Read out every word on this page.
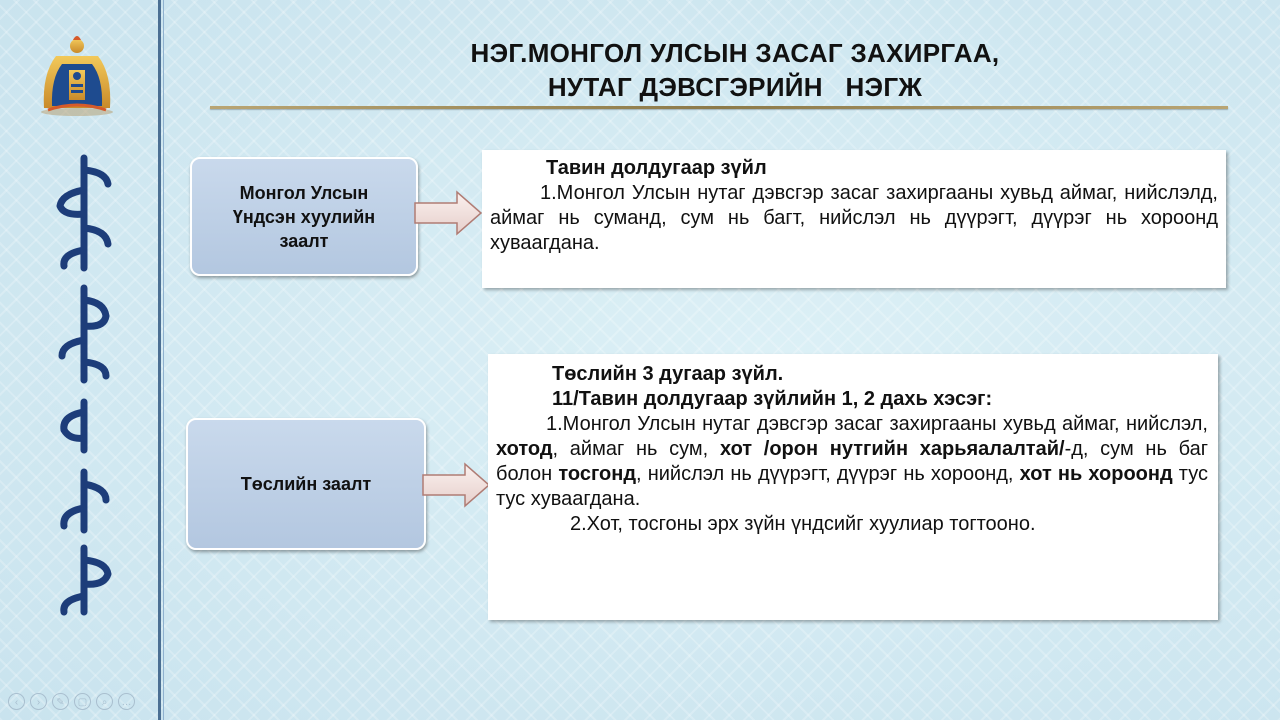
НЭГ.МОНГОЛ УЛСЫН ЗАСАГ ЗАХИРГАА,
НУТАГ ДЭВСГЭРИЙН   НЭГЖ
Монгол Улсын
Үндсэн хуулийн
заалт
Тавин долдугаар зүйл
1.Монгол Улсын нутаг дэвсгэр засаг захиргааны хувьд аймаг, нийслэлд, аймаг нь суманд, сум нь багт, нийслэл нь дүүрэгт, дүүрэг нь хороонд хуваагдана.
Төслийн заалт
Төслийн 3 дугаар зүйл.
11/Тавин долдугаар зүйлийн 1, 2 дахь хэсэг:
1.Монгол Улсын нутаг дэвсгэр засаг захиргааны хувьд аймаг, нийслэл, хотод, аймаг нь сум, хот /орон нутгийн харьяалалтай/-д, сум нь баг болон тосгонд, нийслэл нь дүүрэгт, дүүрэг нь хороонд, хот нь хороонд тус тус хуваагдана.
2.Хот, тосгоны эрх зүйн үндсийг хуулиар тогтооно.
‹	›	✎	▢	⌕	…
